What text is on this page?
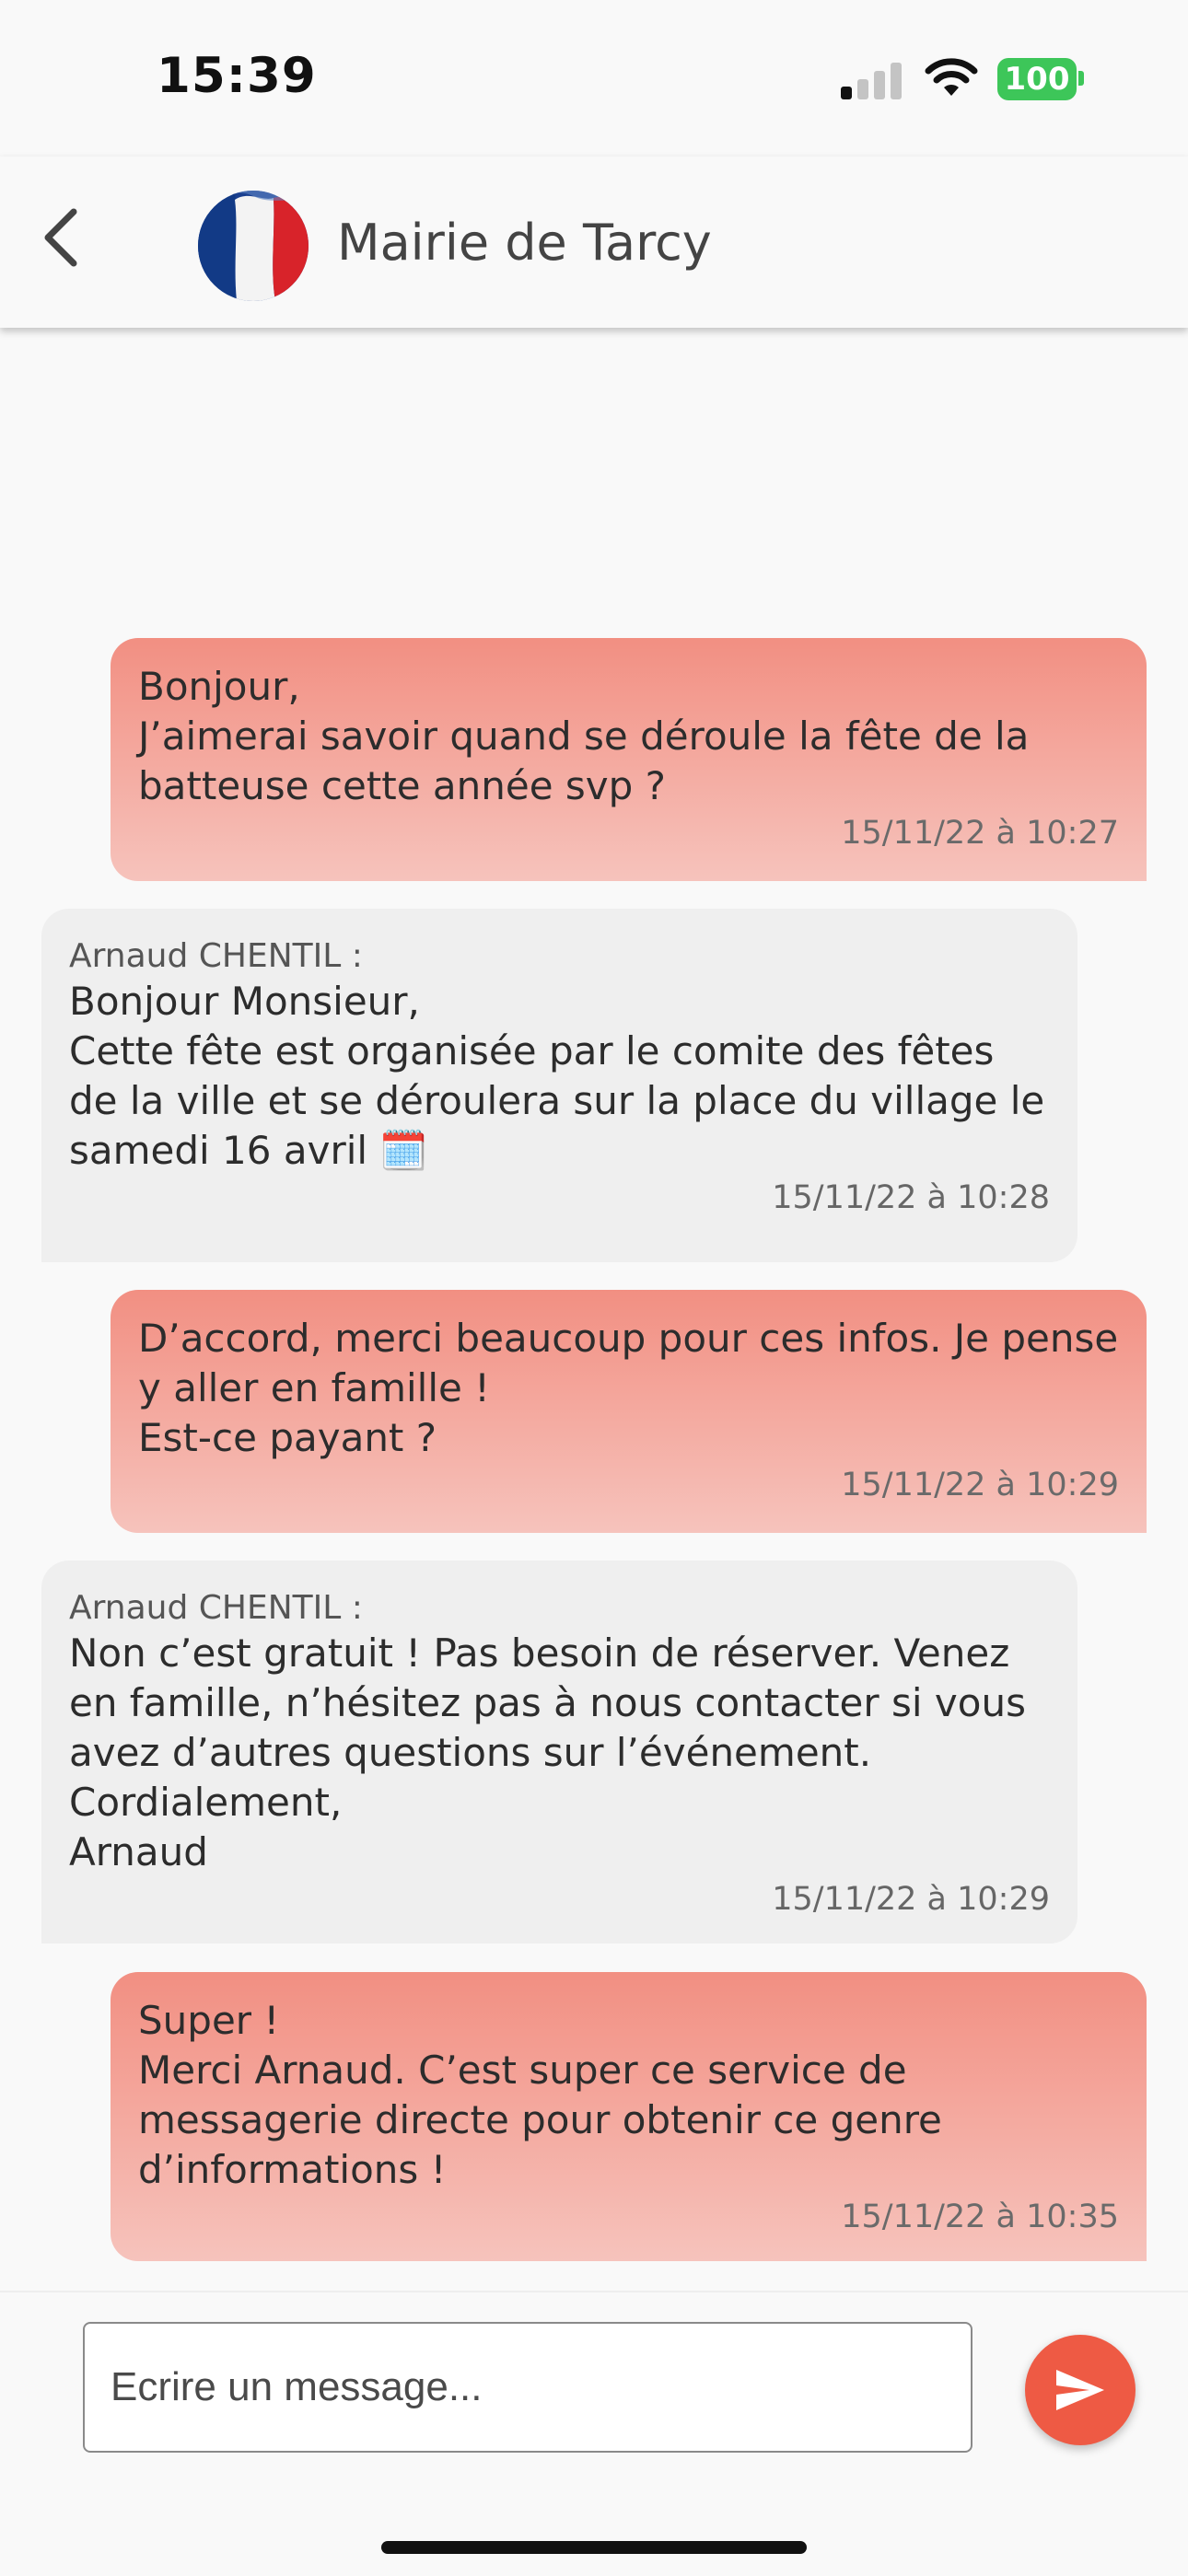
15:39	100
Mairie de Tarcy
Bonjour,
J’aimerai savoir quand se déroule la fête de la batteuse cette année svp ?
15/11/22 à 10:27
Arnaud CHENTIL :
Bonjour Monsieur,
Cette fête est organisée par le comite des fêtes de la ville et se déroulera sur la place du village le samedi 16 avril 🗓️
15/11/22 à 10:28
D’accord, merci beaucoup pour ces infos. Je pense y aller en famille !
Est-ce payant ?
15/11/22 à 10:29
Arnaud CHENTIL :
Non c’est gratuit ! Pas besoin de réserver. Venez en famille, n’hésitez pas à nous contacter si vous avez d’autres questions sur l’événement.
Cordialement,
Arnaud
15/11/22 à 10:29
Super !
Merci Arnaud. C’est super ce service de messagerie directe pour obtenir ce genre d’informations !
15/11/22 à 10:35
Ecrire un message...
